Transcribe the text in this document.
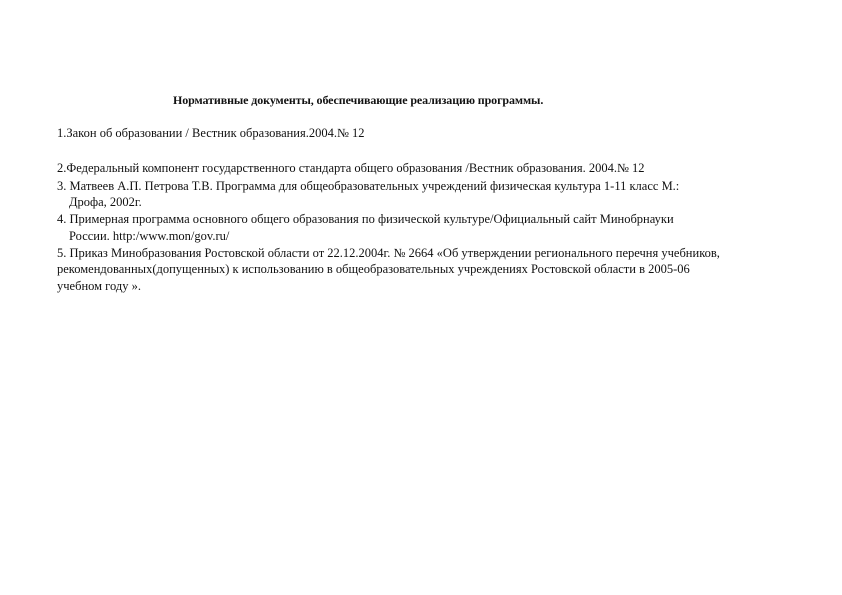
Нормативные документы, обеспечивающие реализацию программы.
1.Закон об образовании / Вестник образования.2004.№ 12
2.Федеральный компонент государственного стандарта общего образования /Вестник образования. 2004.№ 12
3. Матвеев А.П. Петрова Т.В. Программа для общеобразовательных учреждений физическая культура 1-11 класс М.:
Дрофа, 2002г.
4. Примерная программа основного общего образования по физической культуре/Официальный сайт Минобрнауки
России. http:/www.mon/gov.ru/
5. Приказ Минобразования Ростовской области от 22.12.2004г. № 2664 «Об утверждении регионального перечня учебников,
рекомендованных(допущенных) к использованию в общеобразовательных учреждениях Ростовской области в 2005-06
учебном году ».
